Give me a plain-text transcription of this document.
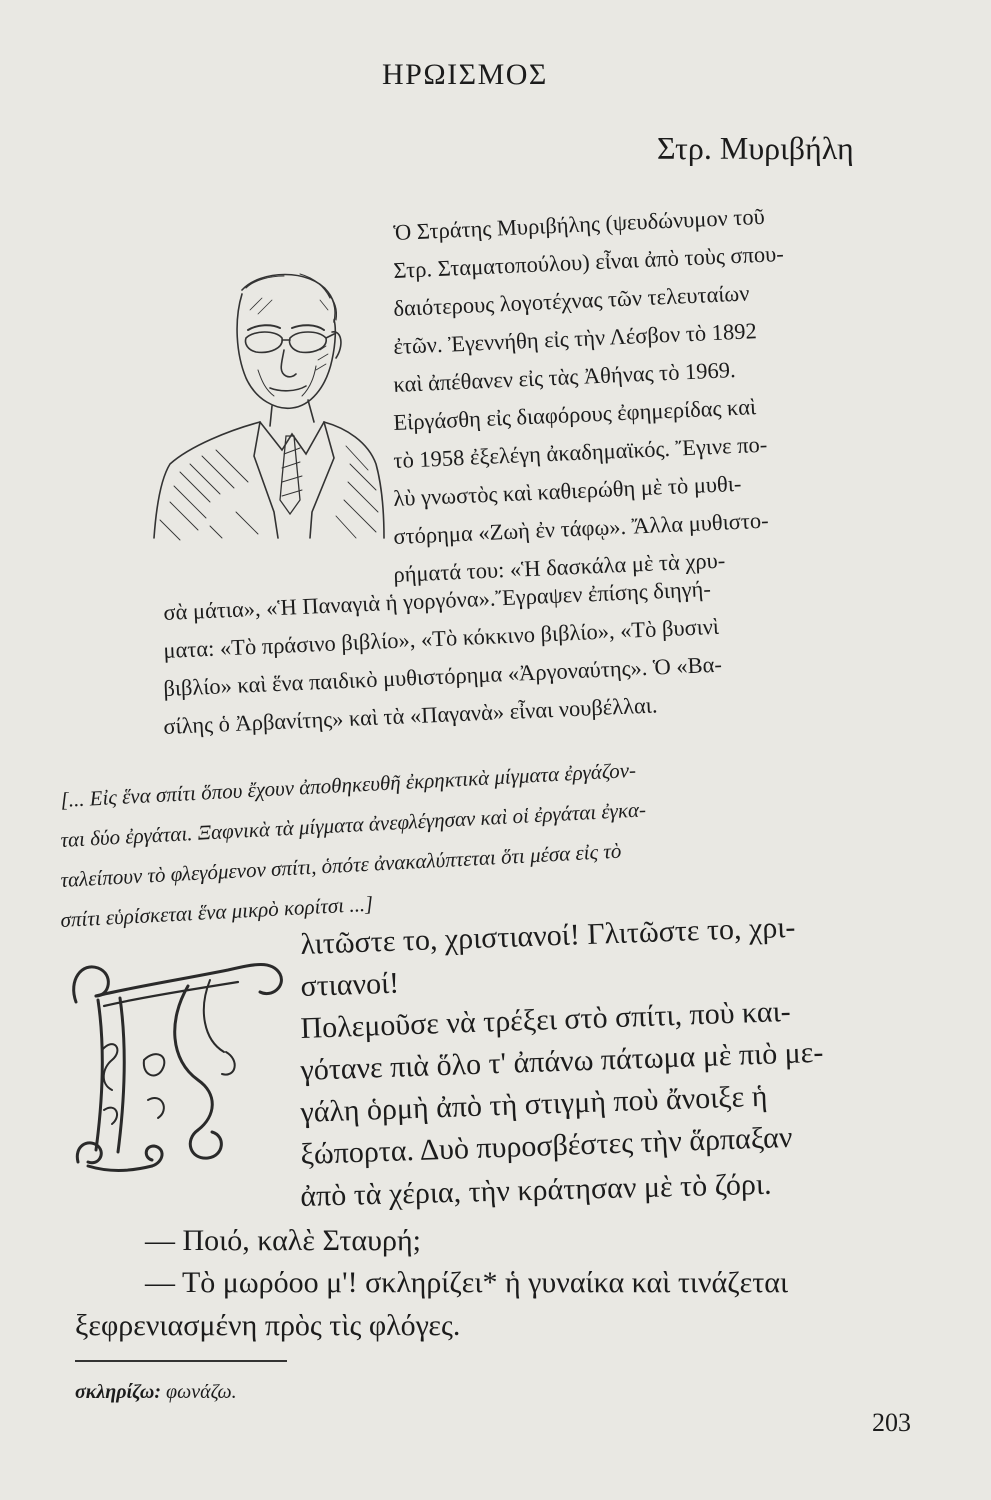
ΗΡΩΙΣΜΟΣ
Στρ. Μυριβήλη
Ὁ Στράτης Μυριβήλης (ψευδώνυμον τοῦ
Στρ. Σταματοπούλου) εἶναι ἀπὸ τοὺς σπου-
δαιότερους λογοτέχνας τῶν τελευταίων
ἐτῶν. Ἐγεννήθη εἰς τὴν Λέσβον τὸ 1892
καὶ ἀπέθανεν εἰς τὰς Ἀθήνας τὸ 1969.
Εἰργάσθη εἰς διαφόρους ἐφημερίδας καὶ
τὸ 1958 ἐξελέγη ἀκαδημαϊκός. Ἔγινε πο-
λὺ γνωστὸς καὶ καθιερώθη μὲ τὸ μυθι-
στόρημα «Ζωὴ ἐν τάφῳ». Ἄλλα μυθιστο-
ρήματά του: «Ἡ δασκάλα μὲ τὰ χρυ-
σὰ μάτια», «Ἡ Παναγιὰ ἡ γοργόνα».Ἔγραψεν ἐπίσης διηγή-
ματα: «Τὸ πράσινο βιβλίο», «Τὸ κόκκινο βιβλίο», «Τὸ βυσινὶ
βιβλίο» καὶ ἕνα παιδικὸ μυθιστόρημα «Ἀργοναύτης». Ὁ «Βα-
σίλης ὁ Ἀρβανίτης» καὶ τὰ «Παγανὰ» εἶναι νουβέλλαι.
[... Εἰς ἕνα σπίτι ὅπου ἔχουν ἀποθηκευθῆ ἐκρηκτικὰ μίγματα ἐργάζον-
ται δύο ἐργάται. Ξαφνικὰ τὰ μίγματα ἀνεφλέγησαν καὶ οἱ ἐργάται ἐγκα-
ταλείπουν τὸ φλεγόμενον σπίτι, ὁπότε ἀνακαλύπτεται ὅτι μέσα εἰς τὸ
σπίτι εὑρίσκεται ἕνα μικρὸ κορίτσι ...]
λιτῶστε το, χριστιανοί! Γλιτῶστε το, χρι-
στιανοί!
Πολεμοῦσε νὰ τρέξει στὸ σπίτι, ποὺ και-
γότανε πιὰ ὅλο τ' ἀπάνω πάτωμα μὲ πιὸ με-
γάλη ὁρμὴ ἀπὸ τὴ στιγμὴ ποὺ ἄνοιξε ἡ
ξώπορτα. Δυὸ πυροσβέστες τὴν ἅρπαξαν
ἀπὸ τὰ χέρια, τὴν κράτησαν μὲ τὸ ζόρι.
— Ποιό, καλὲ Σταυρή;
— Τὸ μωρόοο μ'! σκληρίζει* ἡ γυναίκα καὶ τινάζεται
ξεφρενιασμένη πρὸς τὶς φλόγες.
σκληρίζω: φωνάζω.
203
